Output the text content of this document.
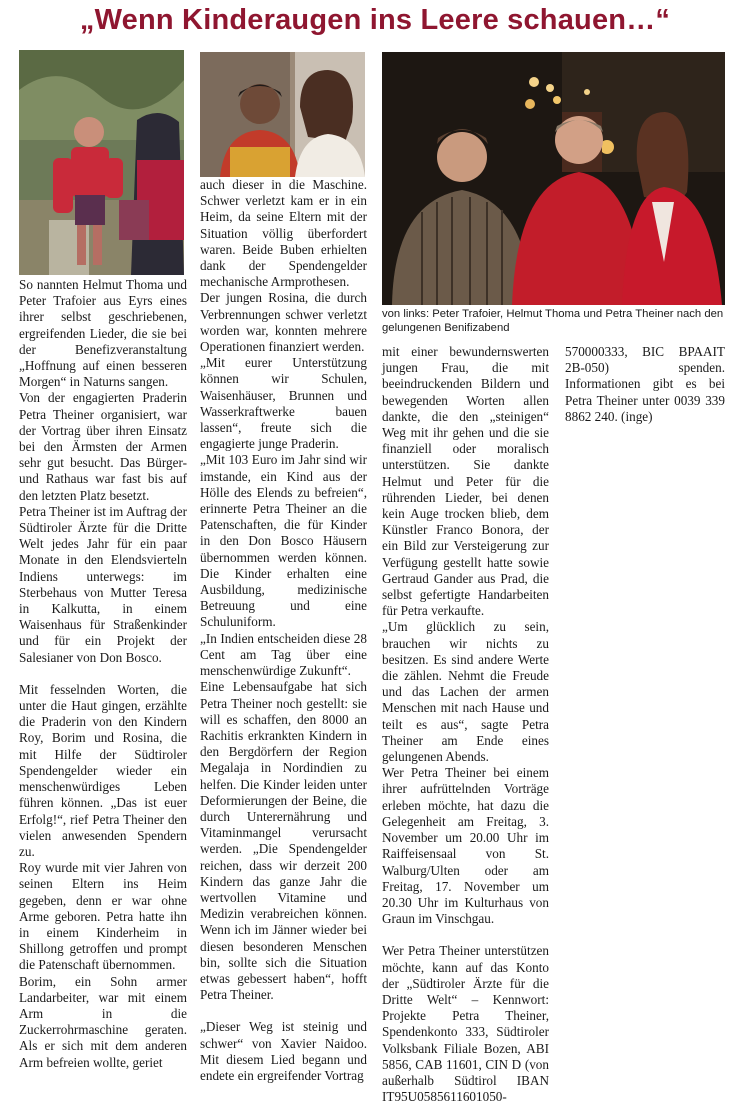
„Wenn Kinderaugen ins Leere schauen…“
von links: Peter Trafoier, Helmut Thoma und Petra Theiner nach den gelungenen Benifizabend

So nannten Helmut Thoma und Peter Trafoier aus Eyrs eines ihrer selbst geschriebenen, ergreifenden Lieder, die sie bei der Benefizveranstaltung „Hoffnung auf einen besseren Morgen“ in Naturns sangen.
Von der engagierten Praderin Petra Theiner organisiert, war der Vortrag über ihren Einsatz bei den Ärmsten der Armen sehr gut besucht. Das Bürger- und Rathaus war fast bis auf den letzten Platz besetzt.
Petra Theiner ist im Auftrag der Südtiroler Ärzte für die Dritte Welt jedes Jahr für ein paar Monate in den Elendsvierteln Indiens unterwegs: im Sterbehaus von Mutter Teresa in Kalkutta, in einem Waisenhaus für Straßenkinder und für ein Projekt der Salesianer von Don Bosco.

Mit fesselnden Worten, die unter die Haut gingen, erzählte die Praderin von den Kindern Roy, Borim und Rosina, die mit Hilfe der Südtiroler Spendengelder wieder ein menschenwürdiges Leben führen können. „Das ist euer Erfolg!“, rief Petra Theiner den vielen anwesenden Spendern zu.
Roy wurde mit vier Jahren von seinen Eltern ins Heim gegeben, denn er war ohne Arme geboren. Petra hatte ihn in einem Kinderheim in Shillong getroffen und prompt die Patenschaft übernommen.
Borim, ein Sohn armer Landarbeiter, war mit einem Arm in die Zuckerrohrmaschine geraten. Als er sich mit dem anderen Arm befreien wollte, geriet

auch dieser in die Maschine. Schwer verletzt kam er in ein Heim, da seine Eltern mit der Situation völlig überfordert waren. Beide Buben erhielten dank der Spendengelder mechanische Armprothesen.
Der jungen Rosina, die durch Verbrennungen schwer verletzt worden war, konnten mehrere Operationen finanziert werden.
„Mit eurer Unterstützung können wir Schulen, Waisenhäuser, Brunnen und Wasserkraftwerke bauen lassen“, freute sich die engagierte junge Praderin.
„Mit 103 Euro im Jahr sind wir imstande, ein Kind aus der Hölle des Elends zu befreien“, erinnerte Petra Theiner an die Patenschaften, die für Kinder in den Don Bosco Häusern übernommen werden können. Die Kinder erhalten eine Ausbildung, medizinische Betreuung und eine Schuluniform.
„In Indien entscheiden diese 28 Cent am Tag über eine menschenwürdige Zukunft“.
Eine Lebensaufgabe hat sich Petra Theiner noch gestellt: sie will es schaffen, den 8000 an Rachitis erkrankten Kindern in den Bergdörfern der Region Megalaja in Nordindien zu helfen. Die Kinder leiden unter Deformierungen der Beine, die durch Unterernährung und Vitaminmangel verursacht werden. „Die Spendengelder reichen, dass wir derzeit 200 Kindern das ganze Jahr die wertvollen Vitamine und Medizin verabreichen können. Wenn ich im Jänner wieder bei diesen besonderen Menschen bin, sollte sich die Situation etwas gebessert haben“, hofft Petra Theiner.

„Dieser Weg ist steinig und schwer“ von Xavier Naidoo. Mit diesem Lied begann und endete ein ergreifender Vortrag

mit einer bewundernswerten jungen Frau, die mit beeindruckenden Bildern und bewegenden Worten allen dankte, die den „steinigen“ Weg mit ihr gehen und die sie finanziell oder moralisch unterstützen. Sie dankte Helmut und Peter für die rührenden Lieder, bei denen kein Auge trocken blieb, dem Künstler Franco Bonora, der ein Bild zur Versteigerung zur Verfügung gestellt hatte sowie Gertraud Gander aus Prad, die selbst gefertigte Handarbeiten für Petra verkaufte.
„Um glücklich zu sein, brauchen wir nichts zu besitzen. Es sind andere Werte die zählen. Nehmt die Freude und das Lachen der armen Menschen mit nach Hause und teilt es aus“, sagte Petra Theiner am Ende eines gelungenen Abends.
Wer Petra Theiner bei einem ihrer aufrüttelnden Vorträge erleben möchte, hat dazu die Gelegenheit am Freitag, 3. November um 20.00 Uhr im Raiffeisensaal von St. Walburg/Ulten oder am Freitag, 17. November um 20.30 Uhr im Kulturhaus von Graun im Vinschgau.

Wer Petra Theiner unterstützen möchte, kann auf das Konto der „Südtiroler Ärzte für die Dritte Welt“ – Kennwort: Projekte Petra Theiner, Spendenkonto 333, Südtiroler Volksbank Filiale Bozen, ABI 5856, CAB 11601, CIN D (von außerhalb Südtirol IBAN IT95U0585611601050-

570000333, BIC BPAAIT 2B-050) spenden. Informationen gibt es bei Petra Theiner unter 0039 339 8862 240. (inge)
